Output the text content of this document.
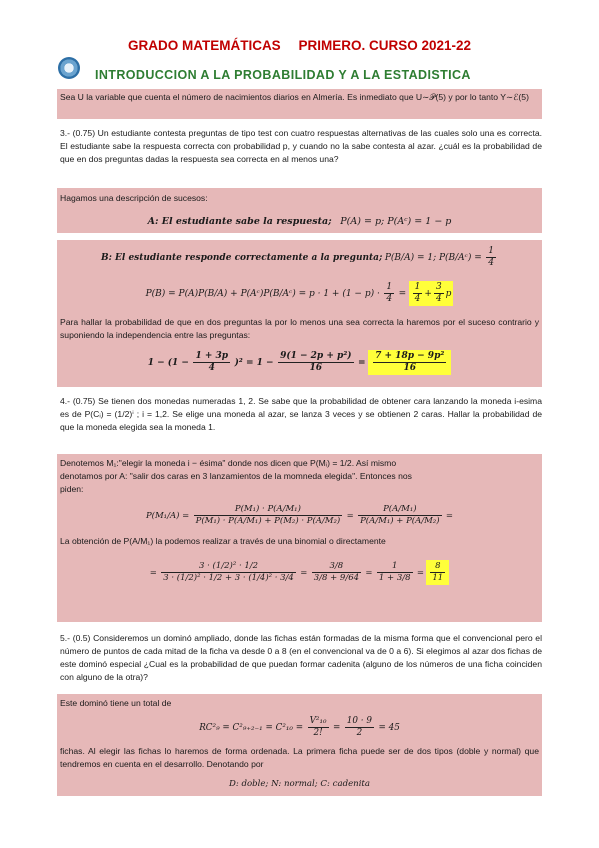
GRADO MATEMÁTICAS PRIMERO. CURSO 2021-22
INTRODUCCION A LA PROBABILIDAD Y A LA ESTADISTICA
Sea U la variable que cuenta el número de nacimientos diarios en Almería. Es inmediato que U∼𝒫(5) y por lo tanto Y∼ℰ(5)
3.- (0.75) Un estudiante contesta preguntas de tipo test con cuatro respuestas alternativas de las cuales solo una es correcta. El estudiante sabe la respuesta correcta con probabilidad p, y cuando no la sabe contesta al azar. ¿cuál es la probabilidad de que en dos preguntas dadas la respuesta sea correcta en al menos una?
Hagamos una descripción de sucesos:
A: El estudiante sabe la respuesta; P(A) = p; P(Aᶜ) = 1 − p
B: El estudiante responde correctamente a la pregunta; P(B/A) = 1; P(B/Aᶜ) = $\frac{1}{4}$
P(B) = P(A)P(B/A) + P(Aᶜ)P(B/Aᶜ) = $p \cdot 1 + (1 - p) \cdot \frac{1}{4} = \frac{1}{4} + \frac{3}{4}$ p
Para hallar la probabilidad de que en dos preguntas la por lo menos una sea correcta la haremos por el suceso contrario y suponiendo la independencia entre las preguntas:
$1 - (1 - \frac{1 + 3p}{4} )^2 = 1 - \frac{\text{9(1 − 2p + p²)}}{16} = \frac{\text{7 + 18p − 9p²}}{16}$
4.- (0.75) Se tienen dos monedas numeradas 1, 2. Se sabe que la probabilidad de obtener cara lanzando la moneda i-esima es de P(Cᵢ) = (1/2)ⁱ ; i = 1,2. Se elige una moneda al azar, se lanza 3 veces y se obtienen 2 caras. Hallar la probabilidad de que la moneda elegida sea la moneda 1.
Denotemos M₁:"elegir la moneda i − ésima" donde nos dicen que P(Mᵢ) = 1/2. Así mismo
denotamos por A: "salir dos caras en 3 lanzamientos de la momneda elegida". Entonces nos
piden:
$P(M_1/A) = \frac{\text{P(M₁) · P(A/M₁)}}{\text{P(M₁) · P(A/M₁) + P(M₂) · P(A/M₂)}} = \frac{\text{P(A/M₁)}}{\text{P(A/M₁) + P(A/M₂)}}$ =
La obtención de P(A/M₁) la podemos realizar a través de una binomial o directamente
= $\frac{\text{3 · (1/2)² · 1/2}}{\text{3 · (1/2)² · 1/2 + 3 · (1/4)² · 3/4}} = \frac{3/8}{3/8 + 9/64} = \frac{1}{1 + 3/8} = \frac{8}{11}$
5.- (0.5) Consideremos un dominó ampliado, donde las fichas están formadas de la misma forma que el convencional pero el número de puntos de cada mitad de la ficha va desde 0 a 8 (en el convencional va de 0 a 6). Si elegimos al azar dos fichas de este dominó especial ¿Cual es la probabilidad de que puedan formar cadenita (alguno de los números de una ficha coinciden con alguno de la otra)?
Este dominó tiene un total de
$RC^2_9 = C^2_{9+2-1} = C^2_{10} = \frac{\text{V²₁₀}}{2!} = \frac{10 \cdot 9}{2} = 45$
fichas. Al elegir las fichas lo haremos de forma ordenada. La primera ficha puede ser de dos tipos (doble y normal) que tendremos en cuenta en el desarrollo. Denotando por
D: doble; N: normal; C: cadenita
